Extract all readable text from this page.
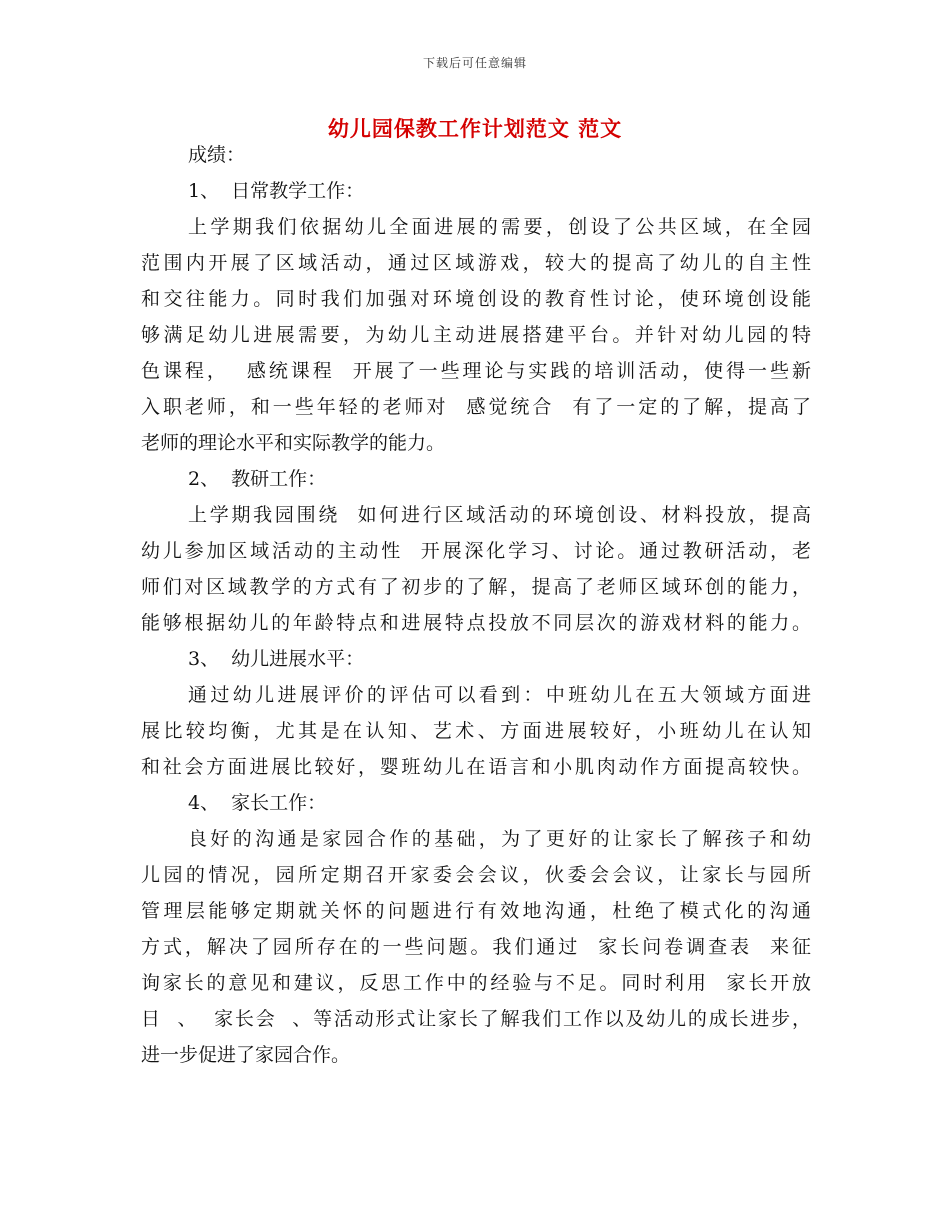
下载后可任意编辑
幼儿园保教工作计划范文 范文
成绩：
1、  日常教学工作：
上学期我们依据幼儿全面进展的需要，创设了公共区域，在全园
范围内开展了区域活动，通过区域游戏，较大的提高了幼儿的自主性
和交往能力。同时我们加强对环境创设的教育性讨论，使环境创设能
够满足幼儿进展需要，为幼儿主动进展搭建平台。并针对幼儿园的特
色课程，  感统课程  开展了一些理论与实践的培训活动，使得一些新
入职老师，和一些年轻的老师对  感觉统合  有了一定的了解，提高了
老师的理论水平和实际教学的能力。
2、  教研工作：
上学期我园围绕  如何进行区域活动的环境创设、材料投放，提高
幼儿参加区域活动的主动性  开展深化学习、讨论。通过教研活动，老
师们对区域教学的方式有了初步的了解，提高了老师区域环创的能力，
能够根据幼儿的年龄特点和进展特点投放不同层次的游戏材料的能力。
3、  幼儿进展水平：
通过幼儿进展评价的评估可以看到：中班幼儿在五大领域方面进
展比较均衡，尤其是在认知、艺术、方面进展较好，小班幼儿在认知
和社会方面进展比较好，婴班幼儿在语言和小肌肉动作方面提高较快。
4、  家长工作：
良好的沟通是家园合作的基础，为了更好的让家长了解孩子和幼
儿园的情况，园所定期召开家委会会议，伙委会会议，让家长与园所
管理层能够定期就关怀的问题进行有效地沟通，杜绝了模式化的沟通
方式，解决了园所存在的一些问题。我们通过  家长问卷调查表  来征
询家长的意见和建议，反思工作中的经验与不足。同时利用  家长开放
日  、  家长会  、等活动形式让家长了解我们工作以及幼儿的成长进步，
进一步促进了家园合作。
